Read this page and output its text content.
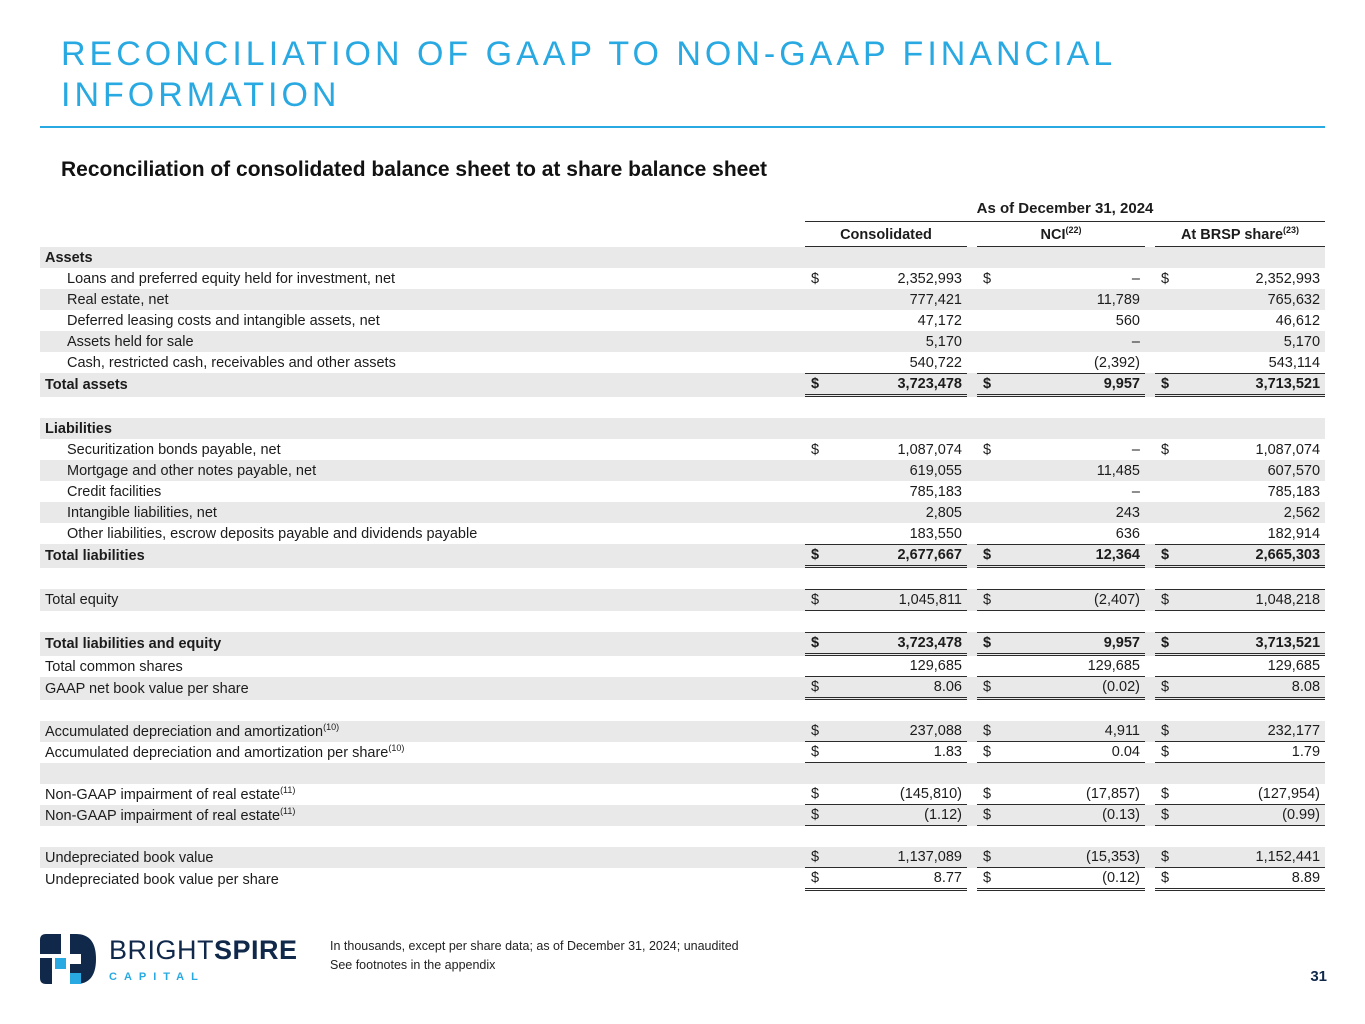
RECONCILIATION OF GAAP TO NON-GAAP FINANCIAL INFORMATION
Reconciliation of consolidated balance sheet to at share balance sheet

	As of December 31, 2024		

	Consolidated	NCI$^{(22)}$	At BRSP share$^{(23)}$

Assets			
Loans and preferred equity held for investment, net	$ 2,352,993	$ –	$ 2,352,993

Real estate, net	777,421	11,789	765,632

Deferred leasing costs and intangible assets, net	47,172	560	46,612

Assets held for sale	5,170	–	5,170

Cash, restricted cash, receivables and other assets	540,722	(2,392)	543,114

Total assets	$ 3,723,478	$ 9,957	$ 3,713,521

Liabilities			
Securitization bonds payable, net	$ 1,087,074	$ –	$ 1,087,074

Mortgage and other notes payable, net	619,055	11,485	607,570

Credit facilities	785,183	–	785,183

Intangible liabilities, net	2,805	243	2,562

Other liabilities, escrow deposits payable and dividends payable	183,550	636	182,914

Total liabilities	$ 2,677,667	$ 12,364	$ 2,665,303

Total equity	$ 1,045,811	$ (2,407)	$ 1,048,218

Total liabilities and equity	$ 3,723,478	$ 9,957	$ 3,713,521

Total common shares	129,685	129,685	129,685

GAAP net book value per share	$ 8.06	$ (0.02)	$ 8.08

Accumulated depreciation and amortization$^{(10)}$	$ 237,088	$ 4,911	$ 232,177

Accumulated depreciation and amortization per share$^{(10)}$	$ 1.83	$ 0.04	$ 1.79

Non-GAAP impairment of real estate$^{(11)}$	$ (145,810)	$ (17,857)	$ (127,954)

Non-GAAP impairment of real estate$^{(11)}$	$ (1.12)	$ (0.13)	$ (0.99)

Undepreciated book value	$ 1,137,089	$ (15,353)	$ 1,152,441

Undepreciated book value per share	$ 8.77	$ (0.12)	$ 8.89
BRIGHTSPIRE
CAPITAL
In thousands, except per share data; as of December 31, 2024; unaudited
See footnotes in the appendix
31
